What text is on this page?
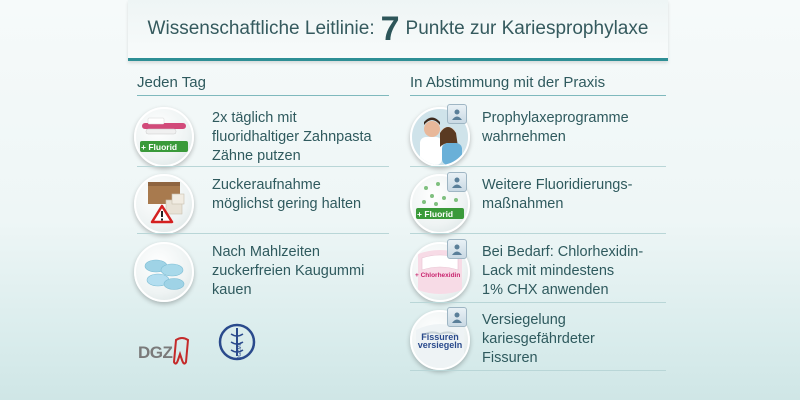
Wissenschaftliche Leitlinie: 7 Punkte zur Kariesprophylaxe
Jeden Tag	In Abstimmung mit der Praxis
+ Fluorid
2x täglich mit
fluoridhaltiger Zahnpasta
Zähne putzen
Zuckeraufnahme
möglichst gering halten
Nach Mahlzeiten
zuckerfreien Kaugummi
kauen
DGZ	DGZMK
Prophylaxeprogramme
wahrnehmen
+ Fluorid
Weitere Fluoridierungs-
maßnahmen
+ Chlorhexidin
Bei Bedarf: Chlorhexidin-
Lack mit mindestens
1% CHX anwenden
Fissuren versiegeln
Versiegelung
kariesgefährdeter
Fissuren
